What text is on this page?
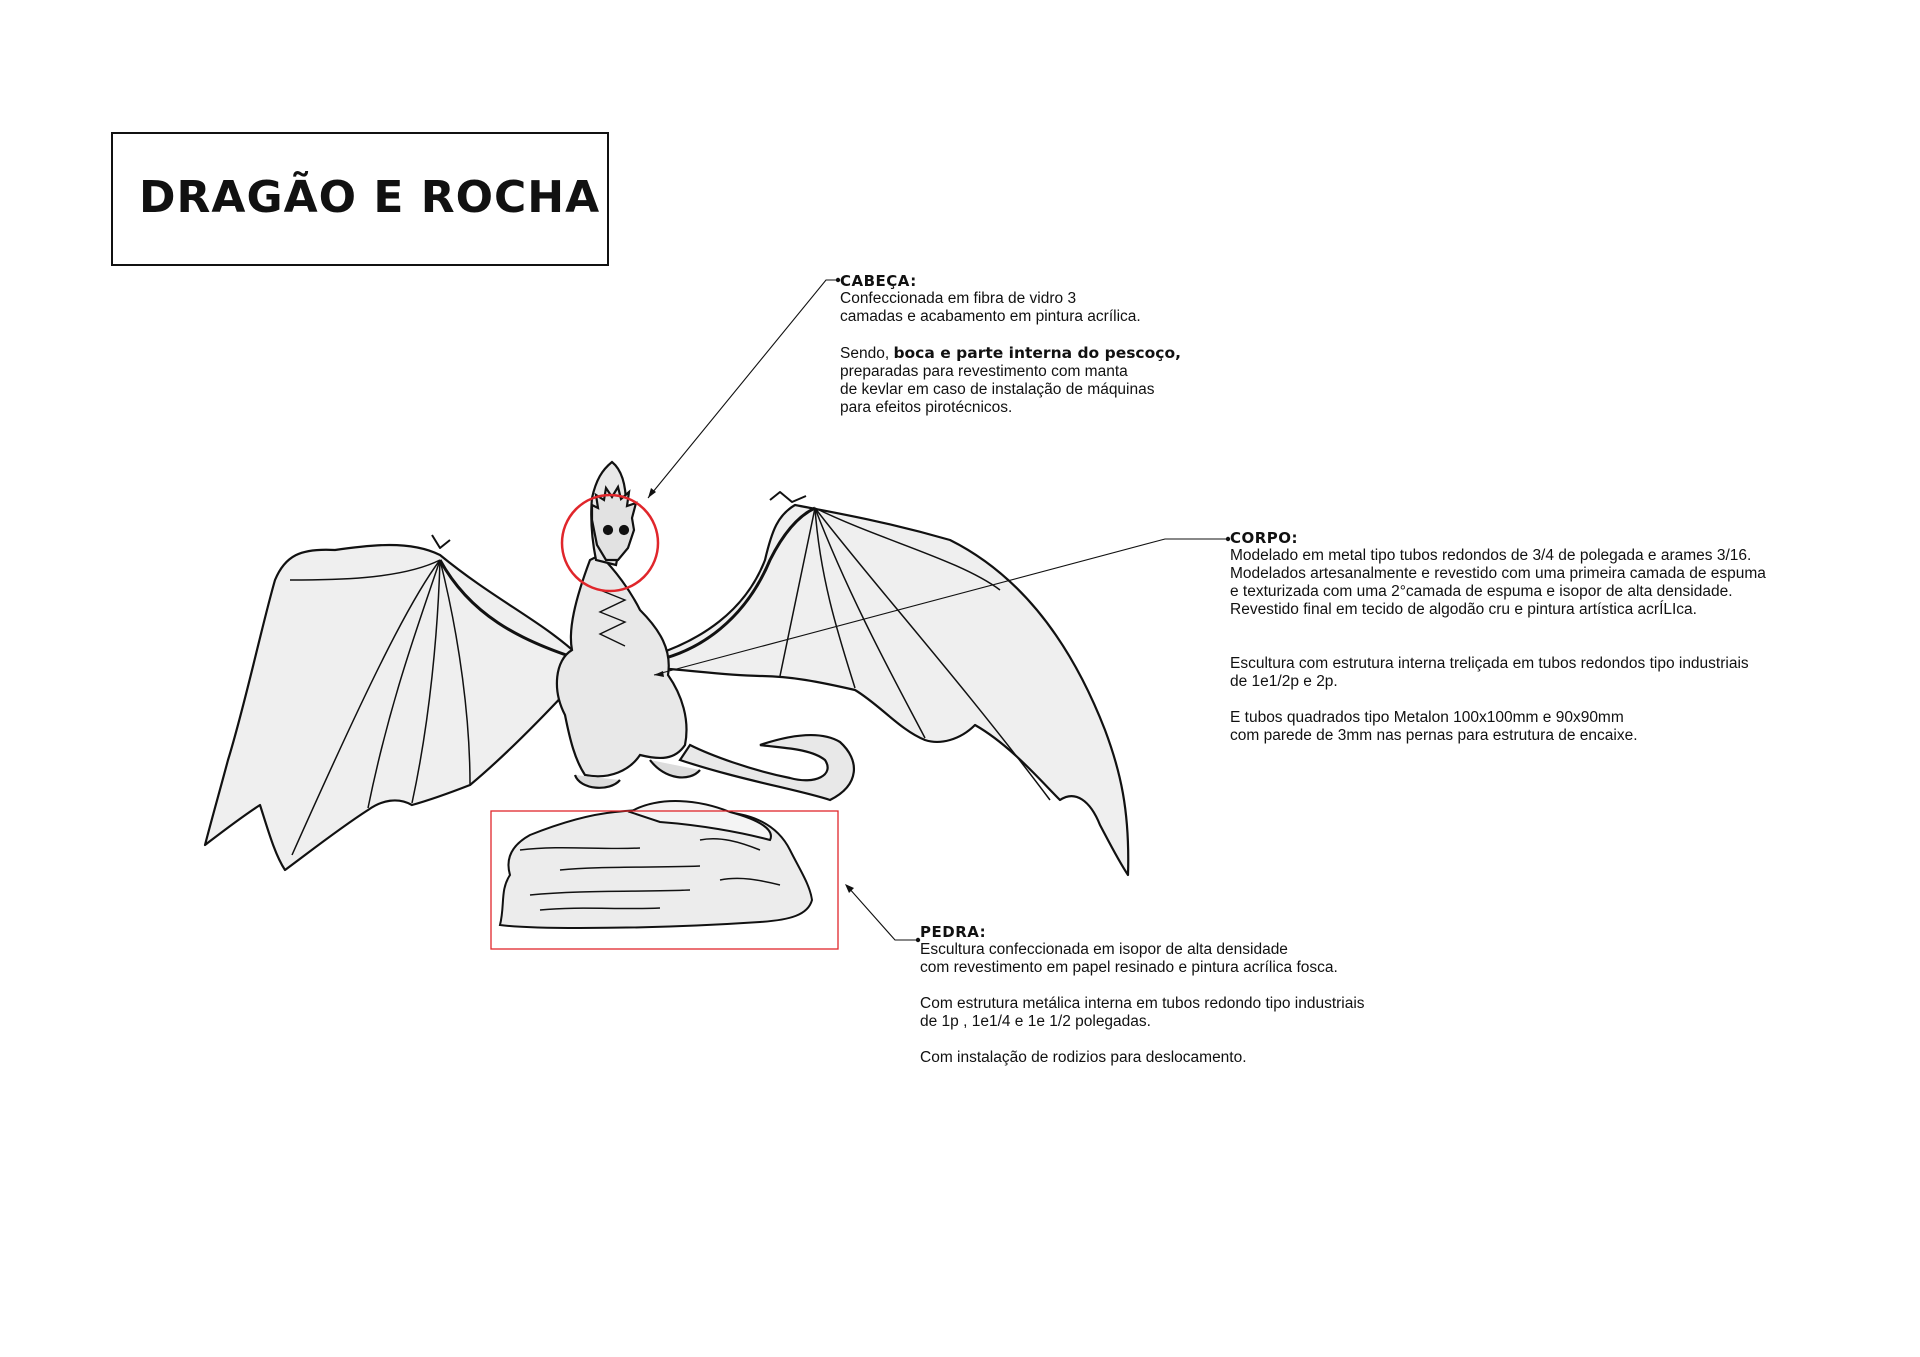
DRAGÃO E ROCHA
CABEÇA:
Confeccionada em fibra de vidro 3
camadas e acabamento em pintura acrílica.
Sendo, boca e parte interna do pescoço,
preparadas para revestimento com manta
de kevlar em caso de instalação de máquinas
para efeitos pirotécnicos.
CORPO:
Modelado em metal tipo tubos redondos de 3/4 de polegada e arames 3/16.
Modelados artesanalmente e revestido com uma primeira camada de espuma
e texturizada com uma 2°camada de espuma e isopor de alta densidade.
Revestido final em tecido de algodão cru e pintura artística acrÍLIca.
Escultura com estrutura interna treliçada em tubos redondos tipo industriais
de 1e1/2p e 2p.
E tubos quadrados tipo Metalon 100x100mm e 90x90mm
com parede de 3mm nas pernas para estrutura de encaixe.
PEDRA:
Escultura confeccionada em isopor de alta densidade
com revestimento em papel resinado e pintura acrílica fosca.
Com estrutura metálica interna em tubos redondo tipo industriais
de 1p , 1e1/4 e 1e 1/2 polegadas.
Com instalação de rodizios para deslocamento.
